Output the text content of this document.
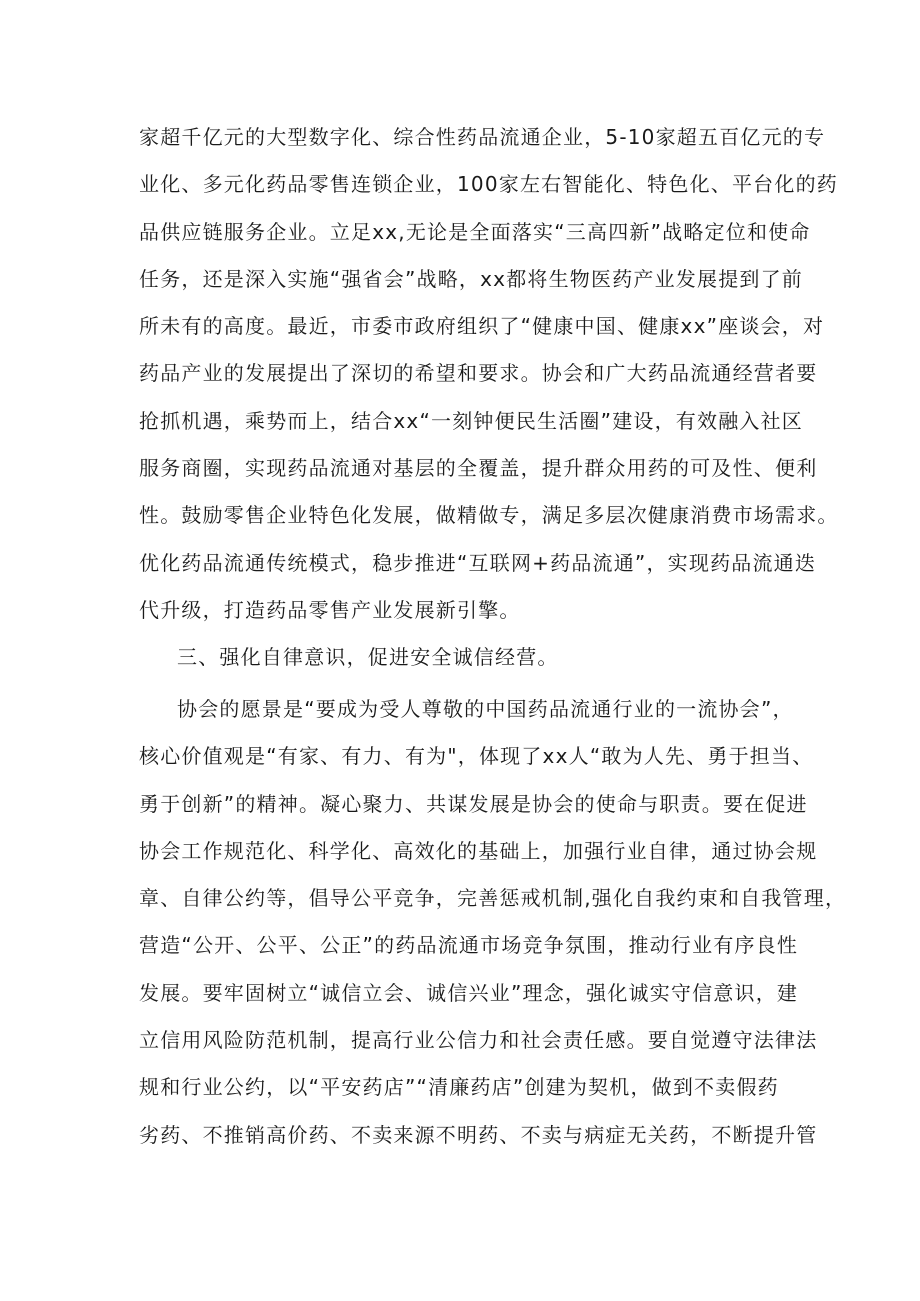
家超千亿元的大型数字化、综合性药品流通企业，5-10家超五百亿元的专
业化、多元化药品零售连锁企业，100家左右智能化、特色化、平台化的药
品供应链服务企业。立足xx,无论是全面落实“三高四新”战略定位和使命
任务，还是深入实施“强省会”战略，xx都将生物医药产业发展提到了前
所未有的高度。最近，市委市政府组织了“健康中国、健康xx”座谈会，对
药品产业的发展提出了深切的希望和要求。协会和广大药品流通经营者要
抢抓机遇，乘势而上，结合xx“一刻钟便民生活圈”建设，有效融入社区
服务商圈，实现药品流通对基层的全覆盖，提升群众用药的可及性、便利
性。鼓励零售企业特色化发展，做精做专，满足多层次健康消费市场需求。
优化药品流通传统模式，稳步推进“互联网+药品流通”，实现药品流通迭
代升级，打造药品零售产业发展新引擎。
三、强化自律意识，促进安全诚信经营。
协会的愿景是“要成为受人尊敬的中国药品流通行业的一流协会”，
核心价值观是“有家、有力、有为"，体现了xx人“敢为人先、勇于担当、
勇于创新”的精神。凝心聚力、共谋发展是协会的使命与职责。要在促进
协会工作规范化、科学化、高效化的基础上，加强行业自律，通过协会规
章、自律公约等，倡导公平竞争，完善惩戒机制,强化自我约束和自我管理，
营造“公开、公平、公正”的药品流通市场竞争氛围，推动行业有序良性
发展。要牢固树立“诚信立会、诚信兴业”理念，强化诚实守信意识，建
立信用风险防范机制，提高行业公信力和社会责任感。要自觉遵守法律法
规和行业公约，以“平安药店”“清廉药店”创建为契机，做到不卖假药
劣药、不推销高价药、不卖来源不明药、不卖与病症无关药，不断提升管
